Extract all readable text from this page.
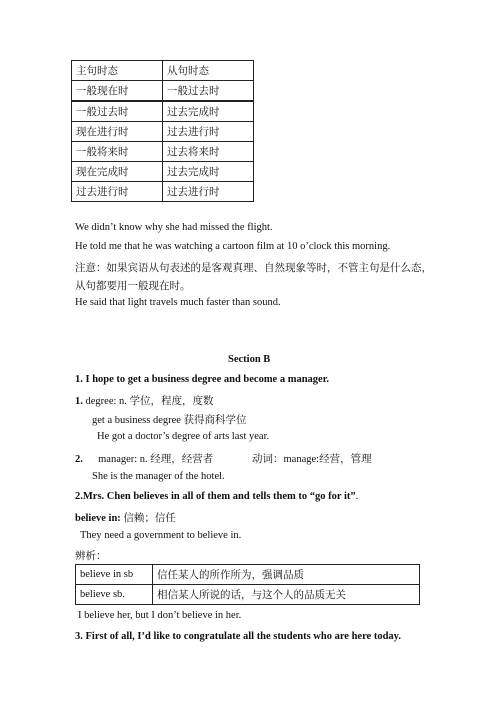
主句时态	从句时态
一般现在时	一般过去时
一般过去时	过去完成时
现在进行时	过去进行时
一般将来时	过去将来时
现在完成时	过去完成时
过去进行时	过去进行时
We didn’t know why she had missed the flight.
He told me that he was watching a cartoon film at 10 o’clock this morning.
注意：如果宾语从句表述的是客观真理、自然现象等时，不管主句是什么态，
从句都要用一般现在时。
He said that light travels much faster than sound.
Section B
1. I hope to get a business degree and become a manager.
1. degree: n. 学位，程度，度数
get a business degree 获得商科学位
He got a doctor’s degree of arts last year.
2. manager: n. 经理，经营者	动词：manage:经营，管理
She is the manager of the hotel.
2.Mrs. Chen believes in all of them and tells them to “go for it”.
believe in: 信赖；信任
They need a government to believe in.
辨析：
believe in sb	信任某人的所作所为，强调品质
believe sb.	相信某人所说的话，与这个人的品质无关
I believe her, but I don’t believe in her.
3. First of all, I’d like to congratulate all the students who are here today.
